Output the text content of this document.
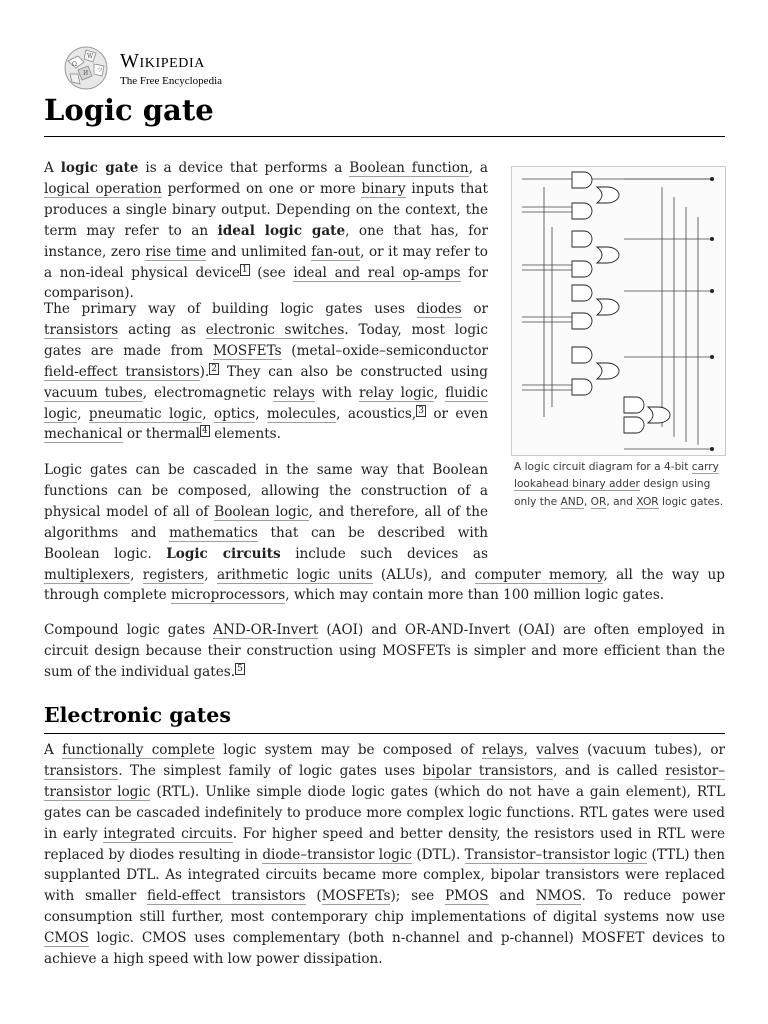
Ω
W
И ツ Wikipedia
The Free Encyclopedia
Logic gate
A logic circuit diagram for a 4-bit carry lookahead binary adder design using only the AND, OR, and XOR logic gates.

A logic gate is a device that performs a Boolean function, a logical operation performed on one or more binary inputs that produces a single binary output. Depending on the context, the term may refer to an ideal logic gate, one that has, for instance, zero rise time and unlimited fan-out, or it may refer to a non-ideal physical device $^1$ (see ideal and real op-amps for comparison).

The primary way of building logic gates uses diodes or transistors acting as electronic switches. Today, most logic gates are made from MOSFETs (metal–oxide–semiconductor field-effect transistors). $^2$ They can also be constructed using vacuum tubes, electromagnetic relays with relay logic, fluidic logic, pneumatic logic, optics, molecules, acoustics, $^3$ or even mechanical or thermal $^4$ elements.

Logic gates can be cascaded in the same way that Boolean functions can be composed, allowing the construction of a physical model of all of Boolean logic, and therefore, all of the algorithms and mathematics that can be described with Boolean logic. Logic circuits include such devices as multiplexers, registers, arithmetic logic units (ALUs), and computer memory, all the way up through complete microprocessors, which may contain more than 100 million logic gates.

Compound logic gates AND-OR-Invert (AOI) and OR-AND-Invert (OAI) are often employed in circuit design because their construction using MOSFETs is simpler and more efficient than the sum of the individual gates. $^5$

Electronic gates

A functionally complete logic system may be composed of relays, valves (vacuum tubes), or transistors. The simplest family of logic gates uses bipolar transistors, and is called resistor–transistor logic (RTL). Unlike simple diode logic gates (which do not have a gain element), RTL gates can be cascaded indefinitely to produce more complex logic functions. RTL gates were used in early integrated circuits. For higher speed and better density, the resistors used in RTL were replaced by diodes resulting in diode–transistor logic (DTL). Transistor–transistor logic (TTL) then supplanted DTL. As integrated circuits became more complex, bipolar transistors were replaced with smaller field-effect transistors (MOSFETs); see PMOS and NMOS. To reduce power consumption still further, most contemporary chip implementations of digital systems now use CMOS logic. CMOS uses complementary (both n-channel and p-channel) MOSFET devices to achieve a high speed with low power dissipation.
